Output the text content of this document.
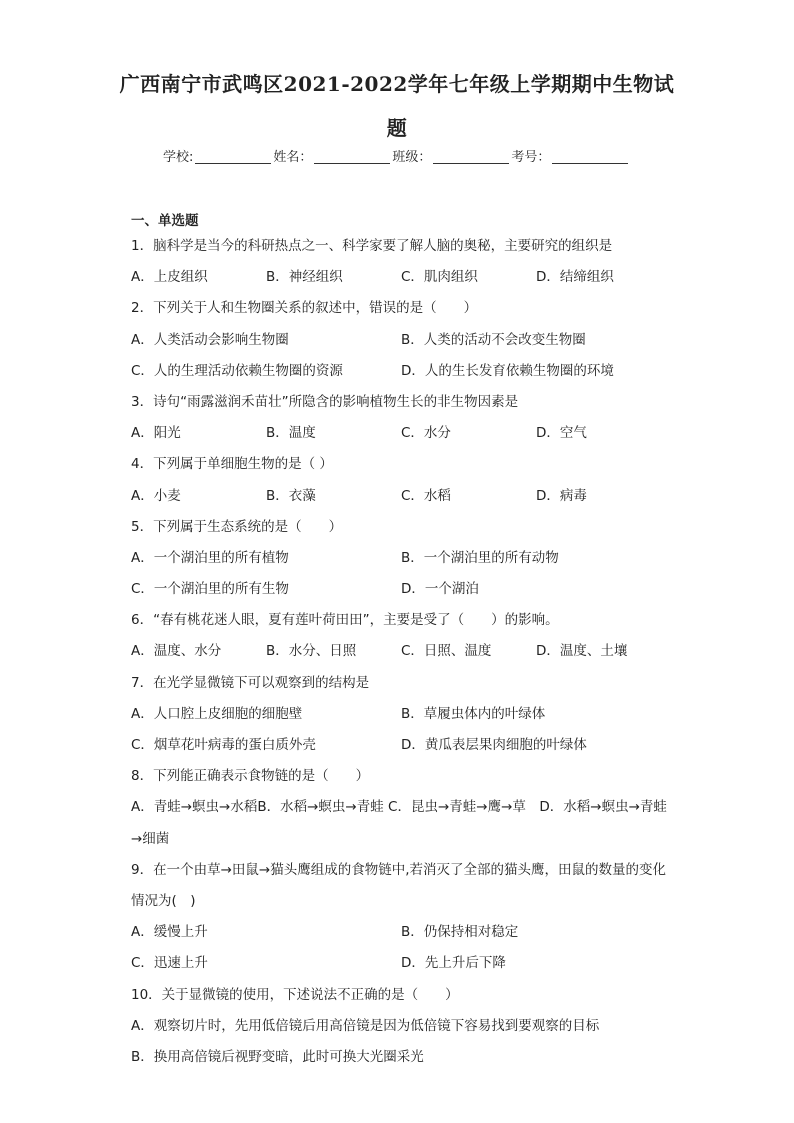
广西南宁市武鸣区2021-2022学年七年级上学期期中生物试
题
学校:	姓名：	班级：	考号：
一、单选题
1．脑科学是当今的科研热点之一、科学家要了解人脑的奥秘，主要研究的组织是
A．上皮组织	B．神经组织	C．肌肉组织	D．结缔组织
2．下列关于人和生物圈关系的叙述中，错误的是（　　）
A．人类活动会影响生物圈	B．人类的活动不会改变生物圈
C．人的生理活动依赖生物圈的资源	D．人的生长发育依赖生物圈的环境
3．诗句“雨露滋润禾苗壮”所隐含的影响植物生长的非生物因素是
A．阳光	B．温度	C．水分	D．空气
4．下列属于单细胞生物的是（ ）
A．小麦	B．衣藻	C．水稻	D．病毒
5．下列属于生态系统的是（　　）
A．一个湖泊里的所有植物	B．一个湖泊里的所有动物
C．一个湖泊里的所有生物	D．一个湖泊
6．“春有桃花迷人眼，夏有莲叶荷田田”，主要是受了（　　）的影响。
A．温度、水分	B．水分、日照	C．日照、温度	D．温度、土壤
7．在光学显微镜下可以观察到的结构是
A．人口腔上皮细胞的细胞壁	B．草履虫体内的叶绿体
C．烟草花叶病毒的蛋白质外壳	D．黄瓜表层果肉细胞的叶绿体
8．下列能正确表示食物链的是（　　）
A．青蛙→螟虫→水稻B．水稻→螟虫→青蛙 C．昆虫→青蛙→鹰→草　D．水稻→螟虫→青蛙→细菌
9．在一个由草→田鼠→猫头鹰组成的食物链中,若消灭了全部的猫头鹰，田鼠的数量的变化情况为(　)
A．缓慢上升	B．仍保持相对稳定
C．迅速上升	D．先上升后下降
10．关于显微镜的使用，下述说法不正确的是（　　）
A．观察切片时，先用低倍镜后用高倍镜是因为低倍镜下容易找到要观察的目标
B．换用高倍镜后视野变暗，此时可换大光圈采光
